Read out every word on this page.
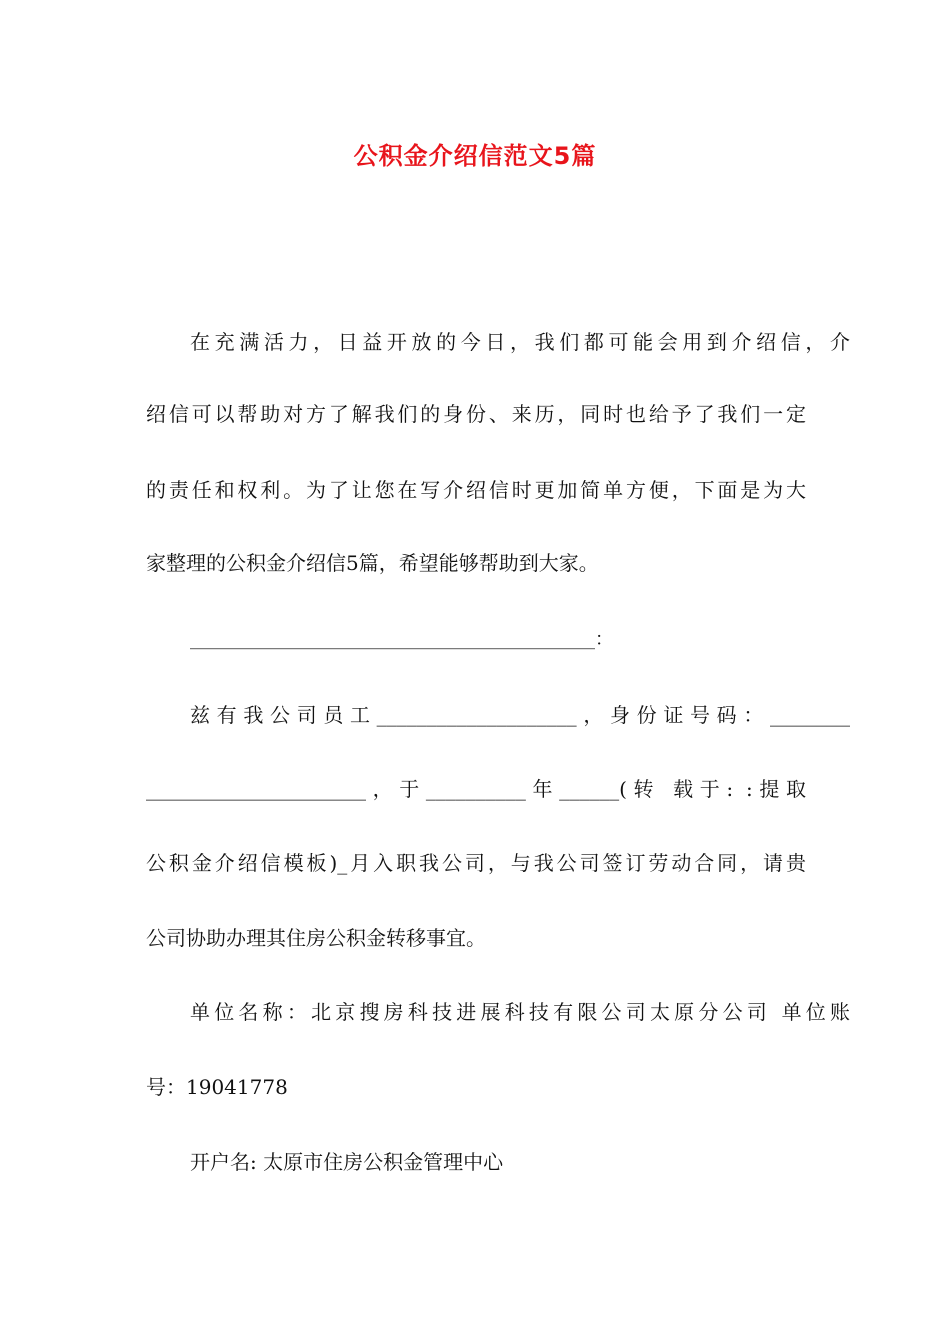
公积金介绍信范文5篇
在充满活力，日益开放的今日，我们都可能会用到介绍信，介
绍信可以帮助对方了解我们的身份、来历，同时也给予了我们一定
的责任和权利。为了让您在写介绍信时更加简单方便，下面是为大
家整理的公积金介绍信5篇，希望能够帮助到大家。
_____________________________________________：
兹有我公司员工____________________，身份证号码：________
______________________，于__________年______(转 载于: :提取
公积金介绍信模板)_月入职我公司，与我公司签订劳动合同，请贵
公司协助办理其住房公积金转移事宜。
单位名称：北京搜房科技进展科技有限公司太原分公司 单位账
号：19041778
开户名: 太原市住房公积金管理中心
